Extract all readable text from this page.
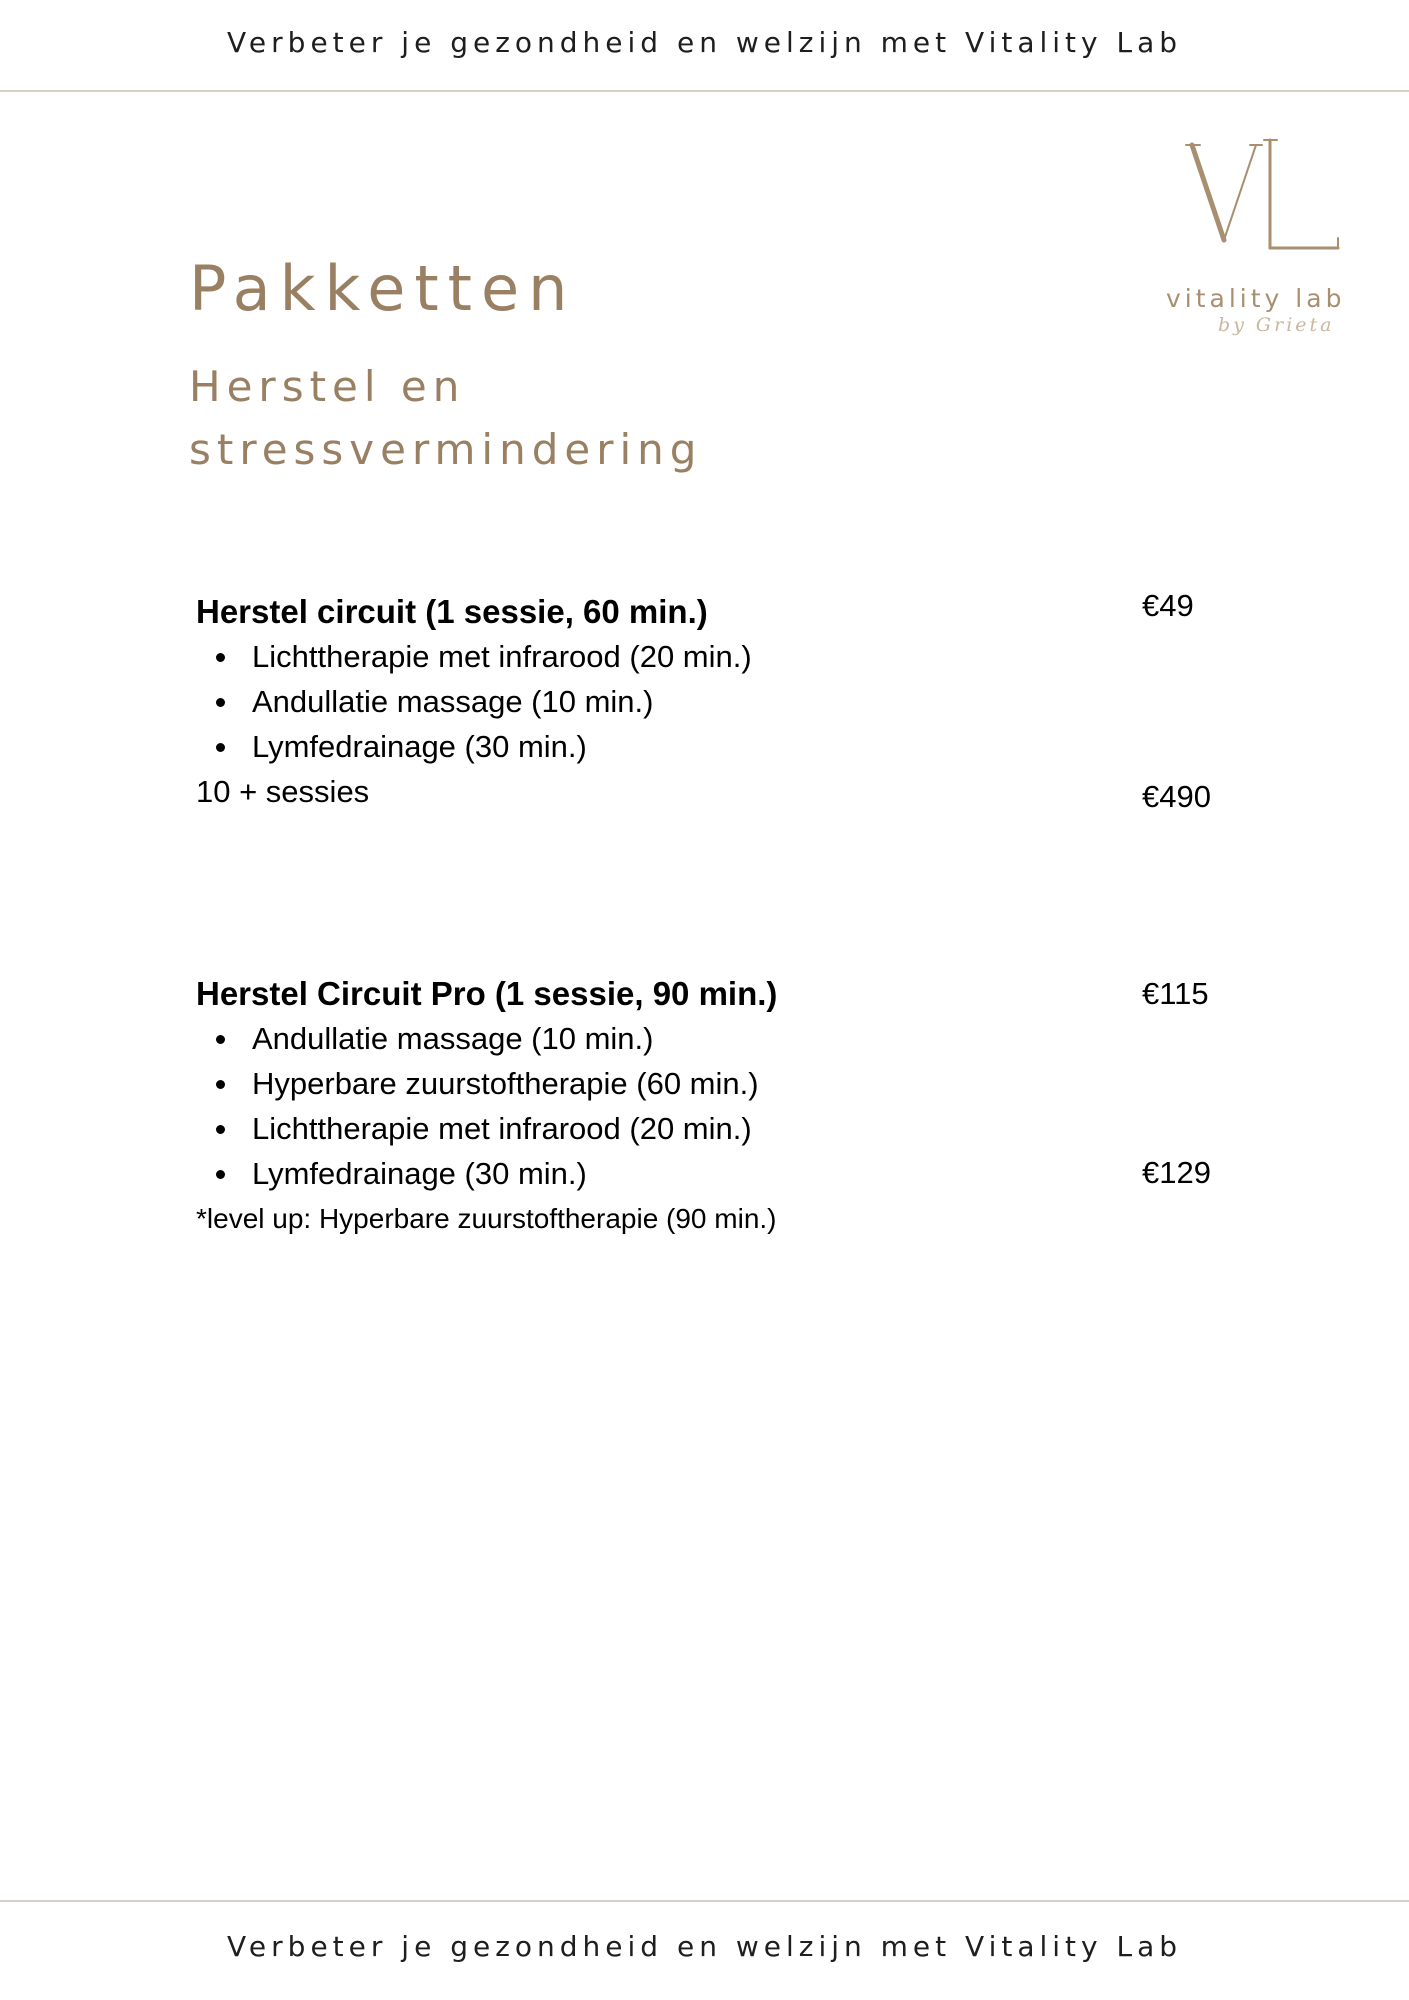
Verbeter je gezondheid en welzijn met Vitality Lab
vitality lab
by Grieta
Pakketten
Herstel en stressvermindering
Herstel circuit (1 sessie, 60 min.)
Lichttherapie met infrarood (20 min.)
Andullatie massage (10 min.)
Lymfedrainage (30 min.)
10 + sessies
€49
€490
Herstel Circuit Pro (1 sessie, 90 min.)
Andullatie massage (10 min.)
Hyperbare zuurstoftherapie (60 min.)
Lichttherapie met infrarood (20 min.)
Lymfedrainage (30 min.)
*level up: Hyperbare zuurstoftherapie (90 min.)
€115
€129
Verbeter je gezondheid en welzijn met Vitality Lab
